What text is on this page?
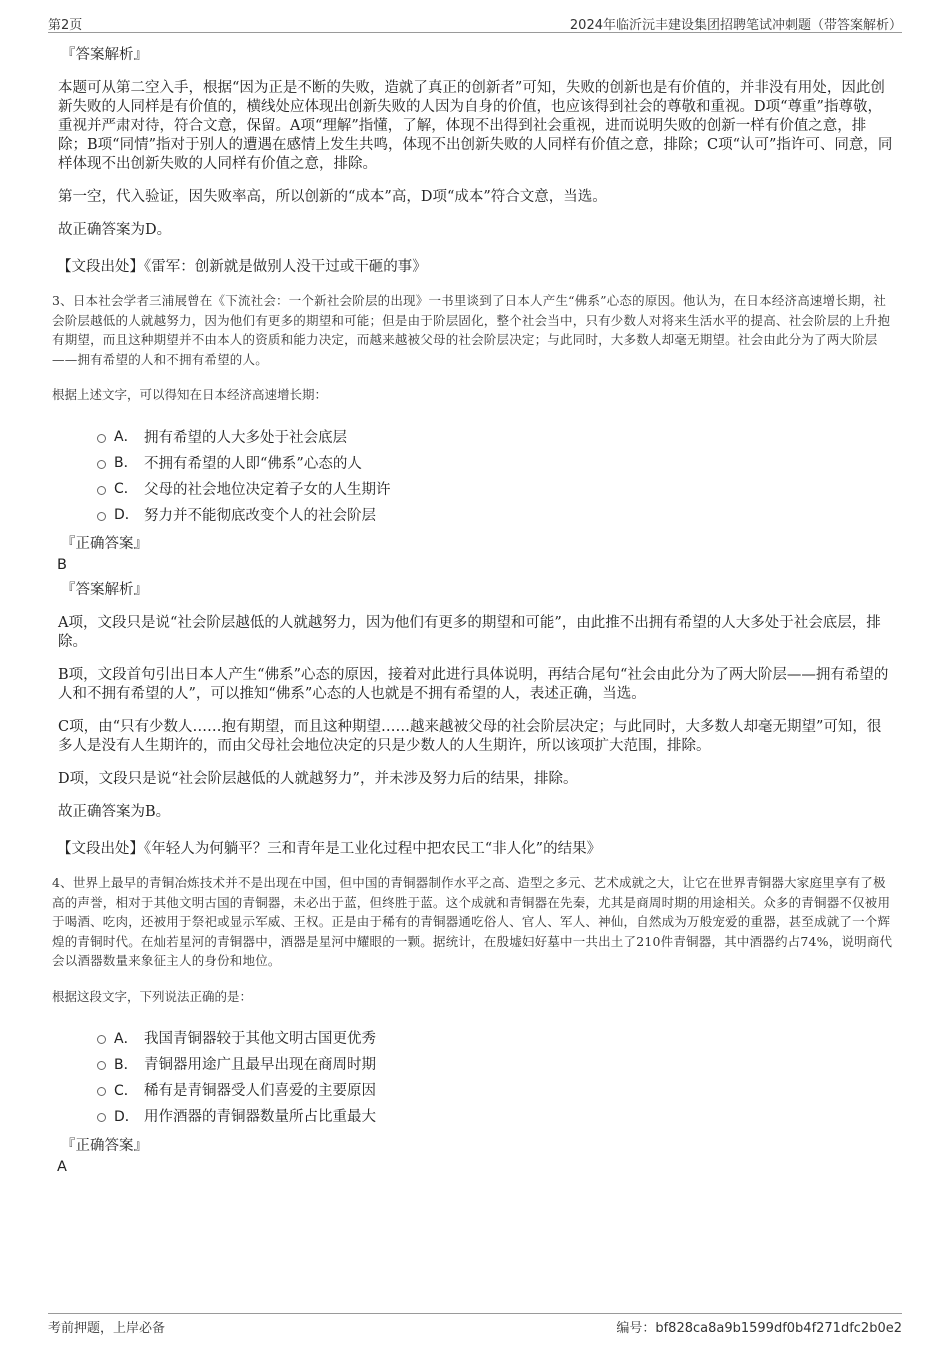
第2页	2024年临沂沅丰建设集团招聘笔试冲刺题（带答案解析）
『答案解析』

本题可从第二空入手，根据“因为正是不断的失败，造就了真正的创新者”可知，失败的创新也是有价值的，并非没有用处，因此创新失败的人同样是有价值的，横线处应体现出创新失败的人因为自身的价值，也应该得到社会的尊敬和重视。D项“尊重”指尊敬，重视并严肃对待，符合文意，保留。A项“理解”指懂，了解，体现不出得到社会重视，进而说明失败的创新一样有价值之意，排除；B项“同情”指对于别人的遭遇在感情上发生共鸣，体现不出创新失败的人同样有价值之意，排除；C项“认可”指许可、同意，同样体现不出创新失败的人同样有价值之意，排除。

第一空，代入验证，因失败率高，所以创新的“成本”高，D项“成本”符合文意，当选。

故正确答案为D。

【文段出处】《雷军：创新就是做别人没干过或干砸的事》

3、日本社会学者三浦展曾在《下流社会：一个新社会阶层的出现》一书里谈到了日本人产生“佛系”心态的原因。他认为，在日本经济高速增长期，社会阶层越低的人就越努力，因为他们有更多的期望和可能；但是由于阶层固化，整个社会当中，只有少数人对将来生活水平的提高、社会阶层的上升抱有期望，而且这种期望并不由本人的资质和能力决定，而越来越被父母的社会阶层决定；与此同时，大多数人却毫无期望。社会由此分为了两大阶层——拥有希望的人和不拥有希望的人。

根据上述文字，可以得知在日本经济高速增长期：

A． 拥有希望的人大多处于社会底层
B． 不拥有希望的人即“佛系”心态的人
C． 父母的社会地位决定着子女的人生期许
D． 努力并不能彻底改变个人的社会阶层
『正确答案』
B
『答案解析』

A项，文段只是说“社会阶层越低的人就越努力，因为他们有更多的期望和可能”，由此推不出拥有希望的人大多处于社会底层，排除。

B项，文段首句引出日本人产生“佛系”心态的原因，接着对此进行具体说明，再结合尾句“社会由此分为了两大阶层——拥有希望的人和不拥有希望的人”，可以推知“佛系”心态的人也就是不拥有希望的人，表述正确，当选。

C项，由“只有少数人……抱有期望，而且这种期望……越来越被父母的社会阶层决定；与此同时，大多数人却毫无期望”可知，很多人是没有人生期许的，而由父母社会地位决定的只是少数人的人生期许，所以该项扩大范围，排除。

D项，文段只是说“社会阶层越低的人就越努力”，并未涉及努力后的结果，排除。

故正确答案为B。

【文段出处】《年轻人为何躺平？三和青年是工业化过程中把农民工“非人化”的结果》

4、世界上最早的青铜冶炼技术并不是出现在中国，但中国的青铜器制作水平之高、造型之多元、艺术成就之大，让它在世界青铜器大家庭里享有了极高的声誉，相对于其他文明古国的青铜器，未必出于蓝，但终胜于蓝。这个成就和青铜器在先秦，尤其是商周时期的用途相关。众多的青铜器不仅被用于喝酒、吃肉，还被用于祭祀或显示军威、王权。正是由于稀有的青铜器通吃俗人、官人、军人、神仙，自然成为万般宠爱的重器，甚至成就了一个辉煌的青铜时代。在灿若星河的青铜器中，酒器是星河中耀眼的一颗。据统计，在殷墟妇好墓中一共出土了210件青铜器，其中酒器约占74%，说明商代会以酒器数量来象征主人的身份和地位。

根据这段文字，下列说法正确的是：

A． 我国青铜器较于其他文明古国更优秀
B． 青铜器用途广且最早出现在商周时期
C． 稀有是青铜器受人们喜爱的主要原因
D． 用作酒器的青铜器数量所占比重最大
『正确答案』
A
考前押题，上岸必备	编号：bf828ca8a9b1599df0b4f271dfc2b0e2
